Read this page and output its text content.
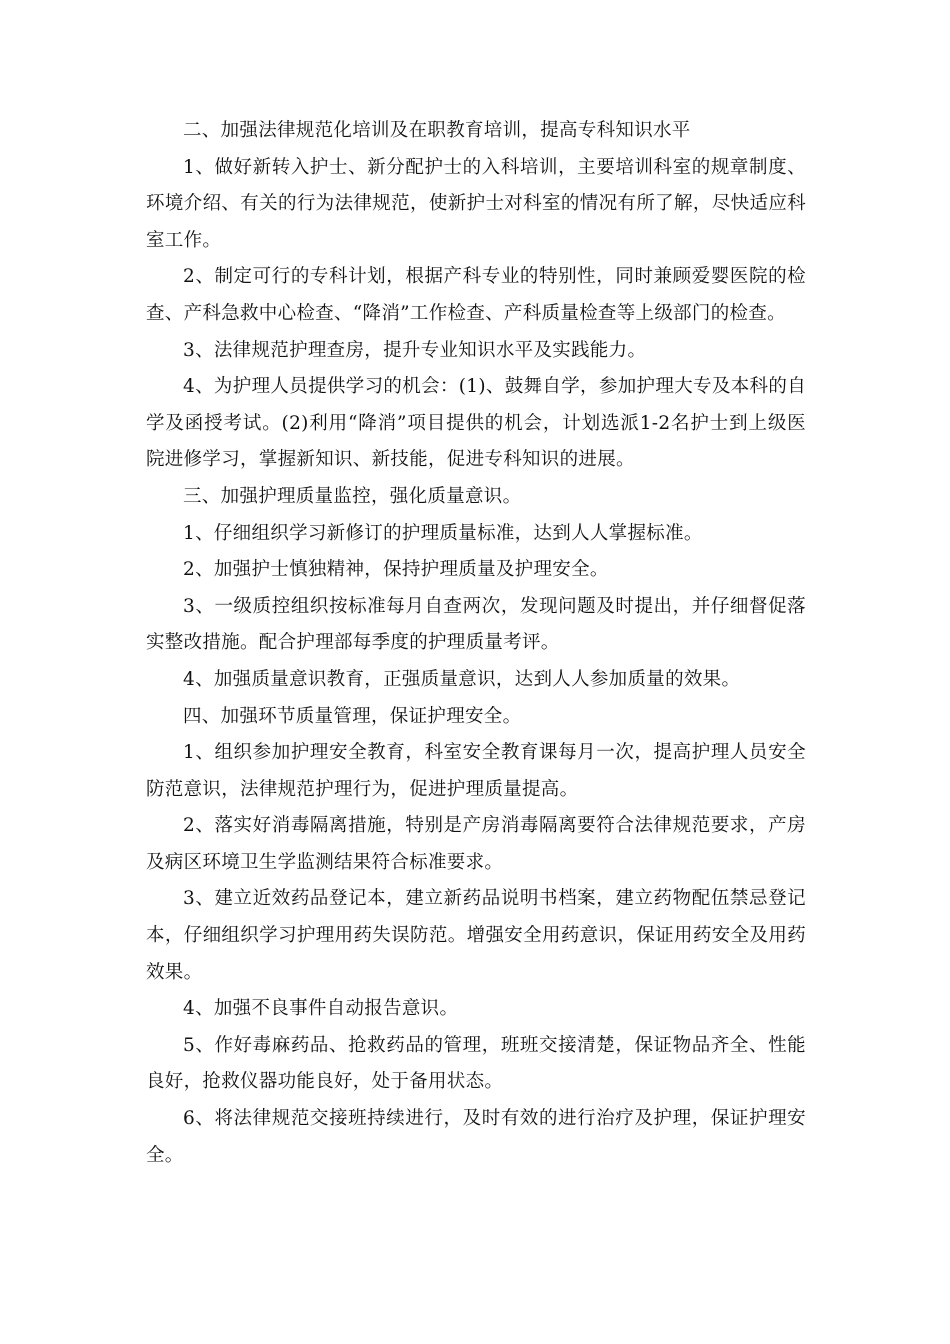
二、加强法律规范化培训及在职教育培训，提高专科知识水平

1、做好新转入护士、新分配护士的入科培训，主要培训科室的规章制度、环境介绍、有关的行为法律规范，使新护士对科室的情况有所了解，尽快适应科室工作。

2、制定可行的专科计划，根据产科专业的特别性，同时兼顾爱婴医院的检查、产科急救中心检查、“降消”工作检查、产科质量检查等上级部门的检查。

3、法律规范护理查房，提升专业知识水平及实践能力。

4、为护理人员提供学习的机会：(1)、鼓舞自学，参加护理大专及本科的自学及函授考试。(2)利用“降消”项目提供的机会，计划选派1-2名护士到上级医院进修学习，掌握新知识、新技能，促进专科知识的进展。

三、加强护理质量监控，强化质量意识。

1、仔细组织学习新修订的护理质量标准，达到人人掌握标准。

2、加强护士慎独精神，保持护理质量及护理安全。

3、一级质控组织按标准每月自查两次，发现问题及时提出，并仔细督促落实整改措施。配合护理部每季度的护理质量考评。

4、加强质量意识教育，正强质量意识，达到人人参加质量的效果。

四、加强环节质量管理，保证护理安全。

1、组织参加护理安全教育，科室安全教育课每月一次，提高护理人员安全防范意识，法律规范护理行为，促进护理质量提高。

2、落实好消毒隔离措施，特别是产房消毒隔离要符合法律规范要求，产房及病区环境卫生学监测结果符合标准要求。

3、建立近效药品登记本，建立新药品说明书档案，建立药物配伍禁忌登记本，仔细组织学习护理用药失误防范。增强安全用药意识，保证用药安全及用药效果。

4、加强不良事件自动报告意识。

5、作好毒麻药品、抢救药品的管理，班班交接清楚，保证物品齐全、性能良好，抢救仪器功能良好，处于备用状态。

6、将法律规范交接班持续进行，及时有效的进行治疗及护理，保证护理安全。
